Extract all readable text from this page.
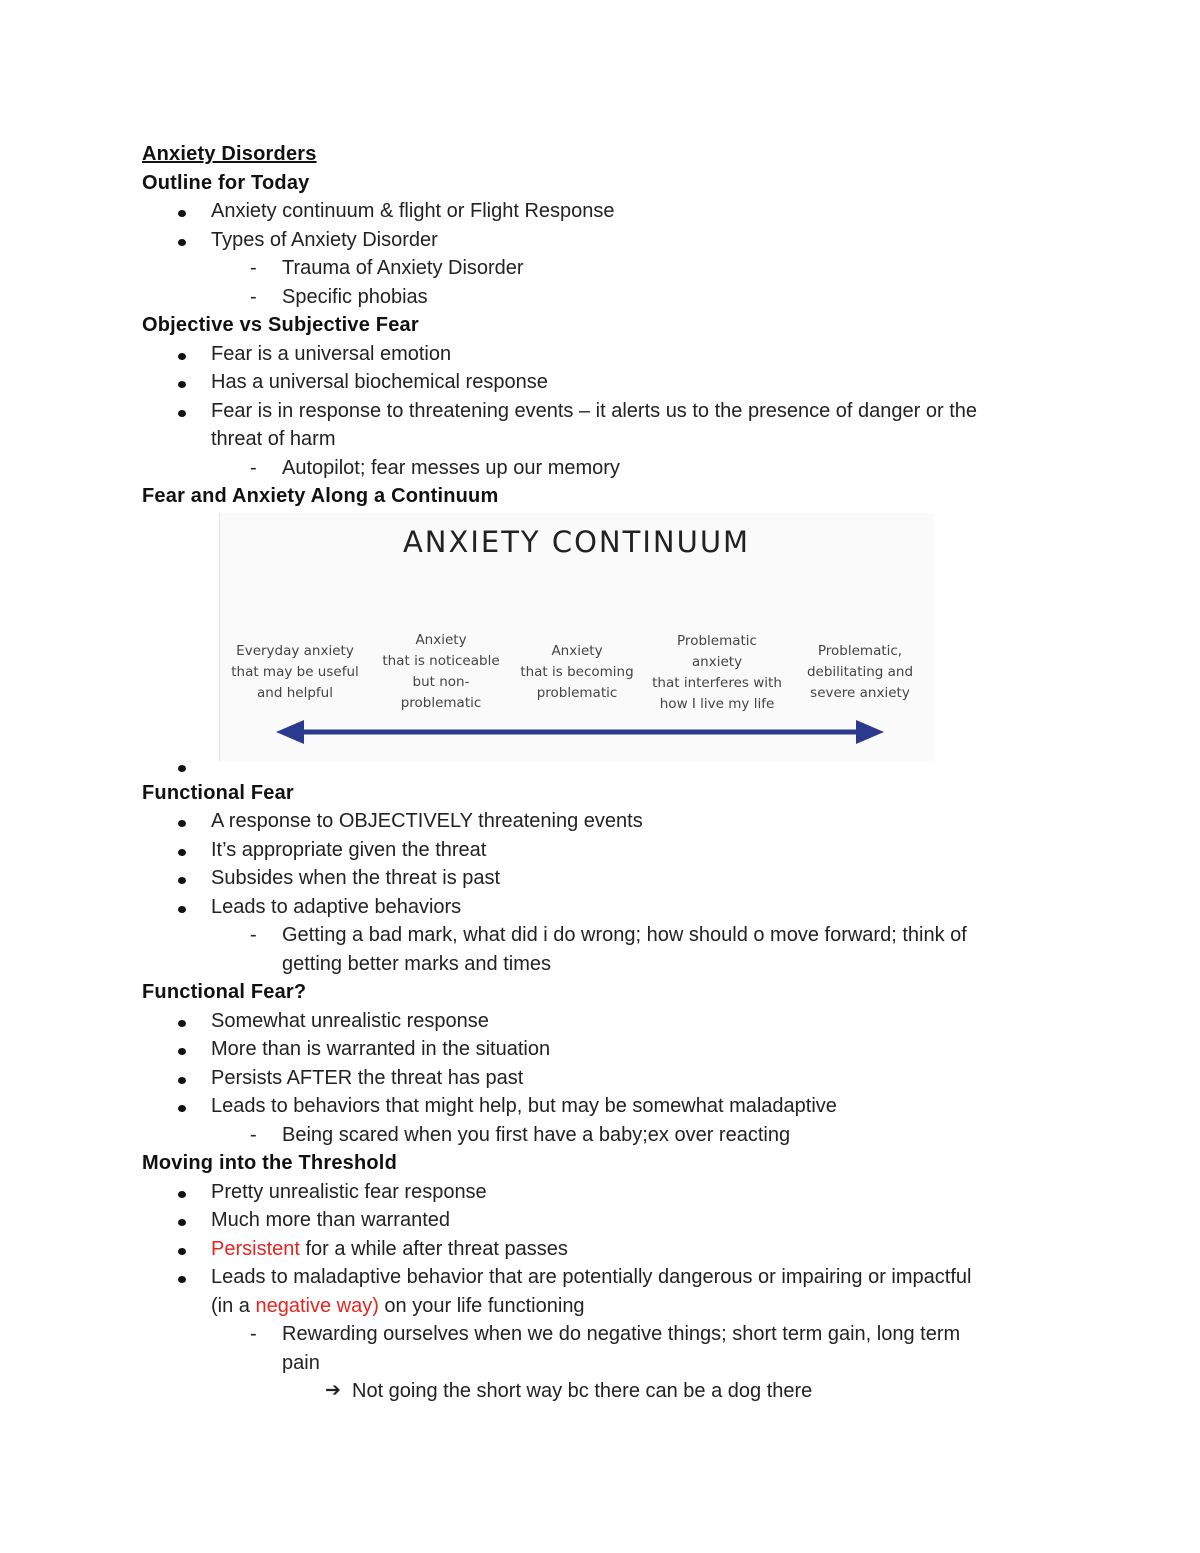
Anxiety Disorders
Outline for Today
Anxiety continuum & flight or Flight Response
Types of Anxiety Disorder
- Trauma of Anxiety Disorder
- Specific phobias
Objective vs Subjective Fear
Fear is a universal emotion
Has a universal biochemical response
Fear is in response to threatening events – it alerts us to the presence of danger or the
threat of harm
- Autopilot; fear messes up our memory
Fear and Anxiety Along a Continuum
ANXIETY CONTINUUM
Everyday anxiety
that may be useful
and helpful
Anxiety
that is noticeable
but non-
problematic
Anxiety
that is becoming
problematic
Problematic
anxiety
that interferes with
how I live my life
Problematic,
debilitating and
severe anxiety
Functional Fear
A response to OBJECTIVELY threatening events
It’s appropriate given the threat
Subsides when the threat is past
Leads to adaptive behaviors
- Getting a bad mark, what did i do wrong; how should o move forward; think of
getting better marks and times
Functional Fear?
Somewhat unrealistic response
More than is warranted in the situation
Persists AFTER the threat has past
Leads to behaviors that might help, but may be somewhat maladaptive
- Being scared when you first have a baby;ex over reacting
Moving into the Threshold
Pretty unrealistic fear response
Much more than warranted
Persistent for a while after threat passes
Leads to maladaptive behavior that are potentially dangerous or impairing or impactful
(in a negative way) on your life functioning
- Rewarding ourselves when we do negative things; short term gain, long term
pain
➔ Not going the short way bc there can be a dog there
